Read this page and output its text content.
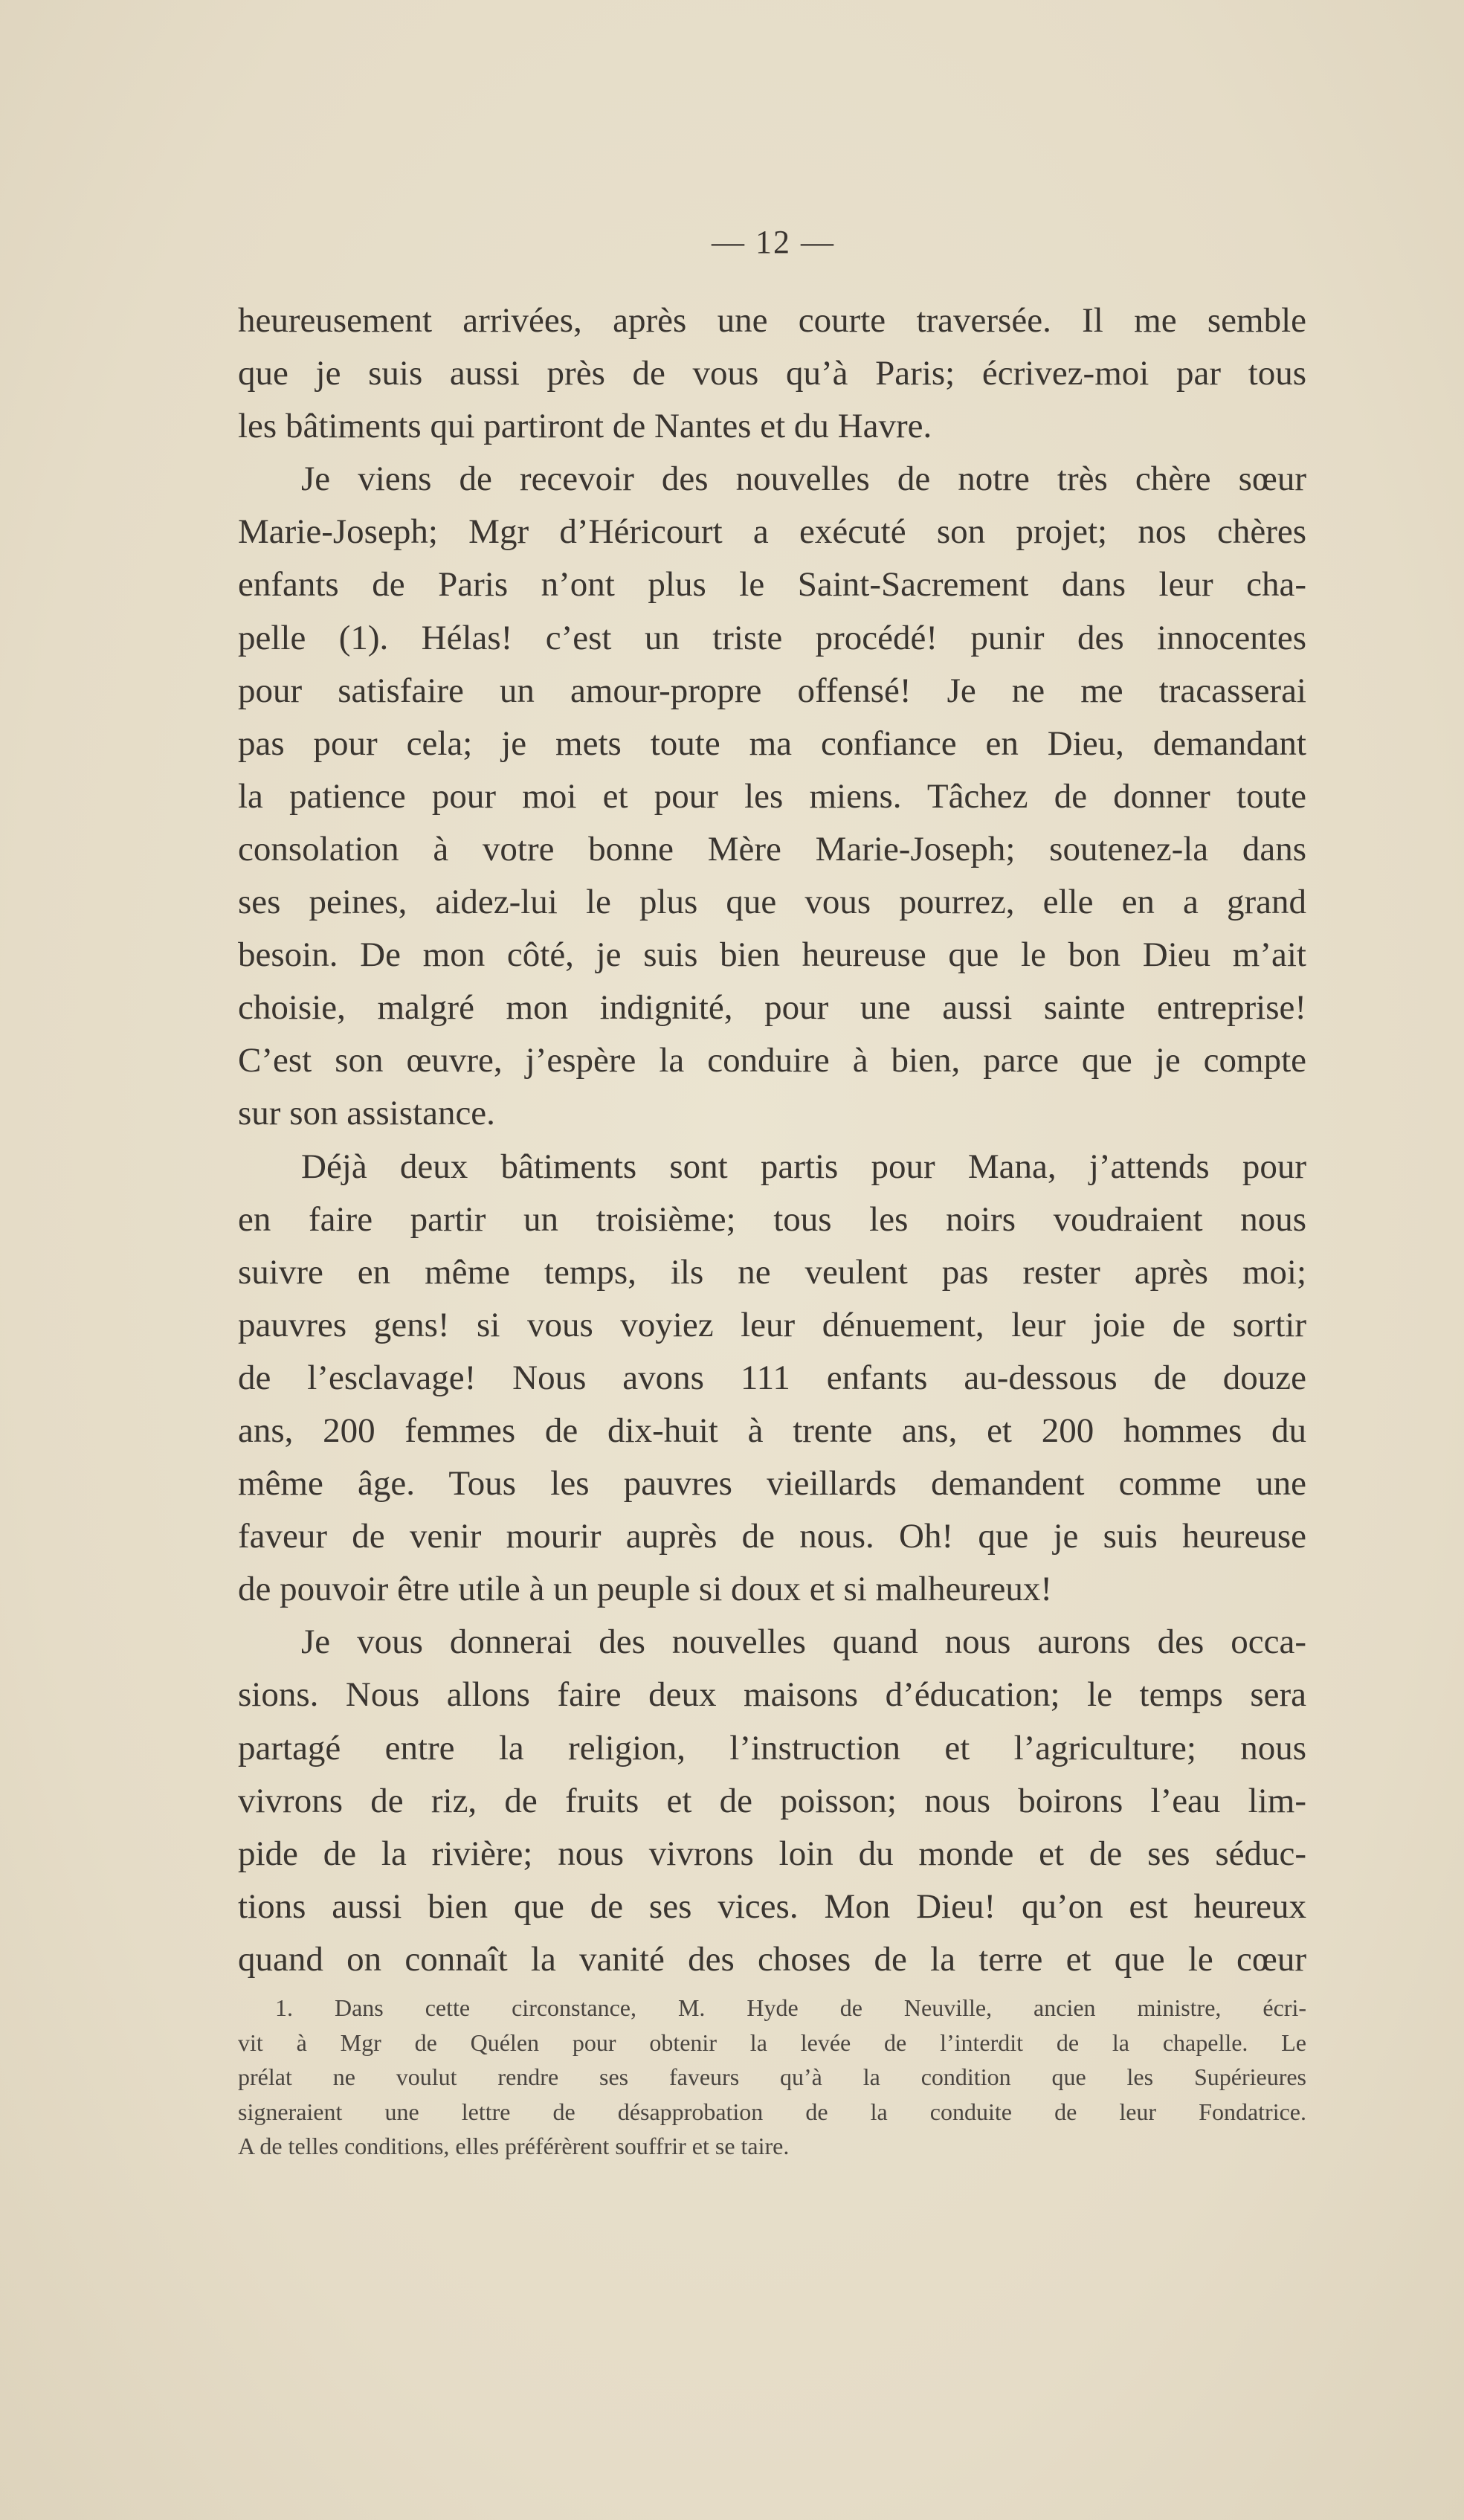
— 12 —
heureusement arrivées, après une courte traversée. Il me semble
que je suis aussi près de vous qu’à Paris; écrivez-moi par tous
les bâtiments qui partiront de Nantes et du Havre.
Je viens de recevoir des nouvelles de notre très chère sœur
Marie-Joseph; Mgr d’Héricourt a exécuté son projet; nos chères
enfants de Paris n’ont plus le Saint-Sacrement dans leur cha-
pelle (1). Hélas! c’est un triste procédé! punir des innocentes
pour satisfaire un amour-propre offensé! Je ne me tracasserai
pas pour cela; je mets toute ma confiance en Dieu, demandant
la patience pour moi et pour les miens. Tâchez de donner toute
consolation à votre bonne Mère Marie-Joseph; soutenez-la dans
ses peines, aidez-lui le plus que vous pourrez, elle en a grand
besoin. De mon côté, je suis bien heureuse que le bon Dieu m’ait
choisie, malgré mon indignité, pour une aussi sainte entreprise!
C’est son œuvre, j’espère la conduire à bien, parce que je compte
sur son assistance.
Déjà deux bâtiments sont partis pour Mana, j’attends pour
en faire partir un troisième; tous les noirs voudraient nous
suivre en même temps, ils ne veulent pas rester après moi;
pauvres gens! si vous voyiez leur dénuement, leur joie de sortir
de l’esclavage! Nous avons 111 enfants au-dessous de douze
ans, 200 femmes de dix-huit à trente ans, et 200 hommes du
même âge. Tous les pauvres vieillards demandent comme une
faveur de venir mourir auprès de nous. Oh! que je suis heureuse
de pouvoir être utile à un peuple si doux et si malheureux!
Je vous donnerai des nouvelles quand nous aurons des occa-
sions. Nous allons faire deux maisons d’éducation; le temps sera
partagé entre la religion, l’instruction et l’agriculture; nous
vivrons de riz, de fruits et de poisson; nous boirons l’eau lim-
pide de la rivière; nous vivrons loin du monde et de ses séduc-
tions aussi bien que de ses vices. Mon Dieu! qu’on est heureux
quand on connaît la vanité des choses de la terre et que le cœur
1. Dans cette circonstance, M. Hyde de Neuville, ancien ministre, écri-
vit à Mgr de Quélen pour obtenir la levée de l’interdit de la chapelle. Le
prélat ne voulut rendre ses faveurs qu’à la condition que les Supérieures
signeraient une lettre de désapprobation de la conduite de leur Fondatrice.
A de telles conditions, elles préférèrent souffrir et se taire.
